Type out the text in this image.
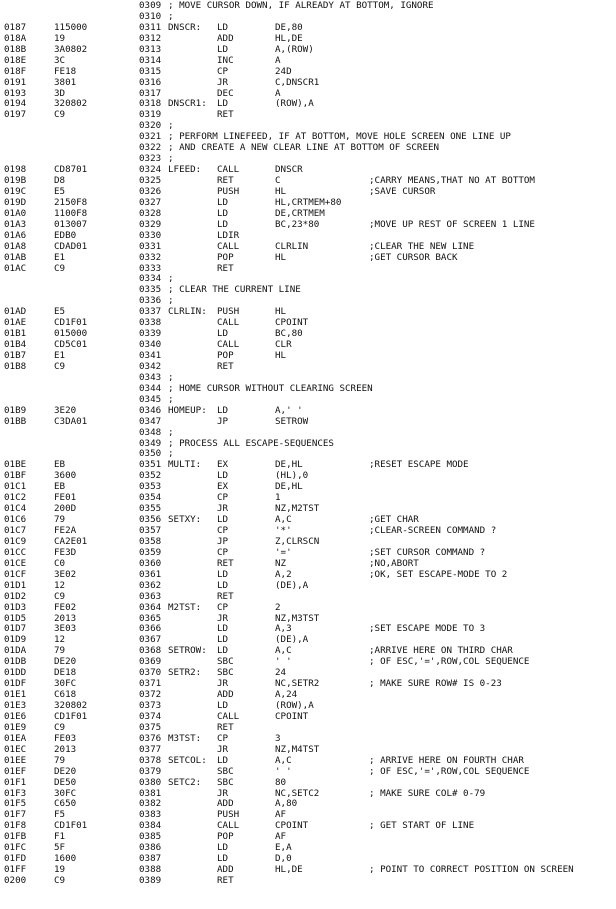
0309 ; MOVE CURSOR DOWN, IF ALREADY AT BOTTOM, IGNORE
0310 ;
0187	115000	0311 DNSCR: LD	DE,80
018A	19	0312	ADD	HL,DE
018B	3A0802	0313	LD	A,(ROW)
018E	3C	0314	INC	A
018F	FE18	0315	CP	24D
0191	3801	0316	JR	C,DNSCR1
0193	3D	0317	DEC	A
0194	320802	0318 DNSCR1: LD	(ROW),A
0197	C9	0319	RET
0320 ;
0321 ; PERFORM LINEFEED, IF AT BOTTOM, MOVE HOLE SCREEN ONE LINE UP
0322 ; AND CREATE A NEW CLEAR LINE AT BOTTOM OF SCREEN
0323 ;
0198	CD8701	0324 LFEED: CALL	DNSCR
019B	D8	0325	RET	C	;CARRY MEANS,THAT NO AT BOTTOM
019C	E5	0326	PUSH	HL	;SAVE CURSOR
019D	2150F8	0327	LD	HL,CRTMEM+80
01A0	1100F8	0328	LD	DE,CRTMEM
01A3	013007	0329	LD	BC,23*80	;MOVE UP REST OF SCREEN 1 LINE
01A6	EDB0	0330	LDIR
01A8	CDAD01	0331	CALL	CLRLIN	;CLEAR THE NEW LINE
01AB	E1	0332	POP	HL	;GET CURSOR BACK
01AC	C9	0333	RET
0334 ;
0335 ; CLEAR THE CURRENT LINE
0336 ;
01AD	E5	0337 CLRLIN: PUSH	HL
01AE	CD1F01	0338	CALL	CPOINT
01B1	015000	0339	LD	BC,80
01B4	CD5C01	0340	CALL	CLR
01B7	E1	0341	POP	HL
01B8	C9	0342	RET
0343 ;
0344 ; HOME CURSOR WITHOUT CLEARING SCREEN
0345 ;
01B9	3E20	0346 HOMEUP: LD	A,' '
01BB	C3DA01	0347	JP	SETROW
0348 ;
0349 ; PROCESS ALL ESCAPE-SEQUENCES
0350 ;
01BE	EB	0351 MULTI: EX	DE,HL	;RESET ESCAPE MODE
01BF	3600	0352	LD	(HL),0
01C1	EB	0353	EX	DE,HL
01C2	FE01	0354	CP	1
01C4	200D	0355	JR	NZ,M2TST
01C6	79	0356 SETXY: LD	A,C	;GET CHAR
01C7	FE2A	0357	CP	'*'	;CLEAR-SCREEN COMMAND ?
01C9	CA2E01	0358	JP	Z,CLRSCN
01CC	FE3D	0359	CP	'='	;SET CURSOR COMMAND ?
01CE	C0	0360	RET	NZ	;NO,ABORT
01CF	3E02	0361	LD	A,2	;OK, SET ESCAPE-MODE TO 2
01D1	12	0362	LD	(DE),A
01D2	C9	0363	RET
01D3	FE02	0364 M2TST: CP	2
01D5	2013	0365	JR	NZ,M3TST
01D7	3E03	0366	LD	A,3	;SET ESCAPE MODE TO 3
01D9	12	0367	LD	(DE),A
01DA	79	0368 SETROW: LD	A,C	;ARRIVE HERE ON THIRD CHAR
01DB	DE20	0369	SBC	' '	; OF ESC,'=',ROW,COL SEQUENCE
01DD	DE18	0370 SETR2: SBC	24
01DF	30FC	0371	JR	NC,SETR2	; MAKE SURE ROW# IS 0-23
01E1	C618	0372	ADD	A,24
01E3	320802	0373	LD	(ROW),A
01E6	CD1F01	0374	CALL	CPOINT
01E9	C9	0375	RET
01EA	FE03	0376 M3TST: CP	3
01EC	2013	0377	JR	NZ,M4TST
01EE	79	0378 SETCOL: LD	A,C	; ARRIVE HERE ON FOURTH CHAR
01EF	DE20	0379	SBC	' '	; OF ESC,'=',ROW,COL SEQUENCE
01F1	DE50	0380 SETC2: SBC	80
01F3	30FC	0381	JR	NC,SETC2	; MAKE SURE COL# 0-79
01F5	C650	0382	ADD	A,80
01F7	F5	0383	PUSH	AF
01F8	CD1F01	0384	CALL	CPOINT	; GET START OF LINE
01FB	F1	0385	POP	AF
01FC	5F	0386	LD	E,A
01FD	1600	0387	LD	D,0
01FF	19	0388	ADD	HL,DE	; POINT TO CORRECT POSITION ON SCREEN
0200	C9	0389	RET
